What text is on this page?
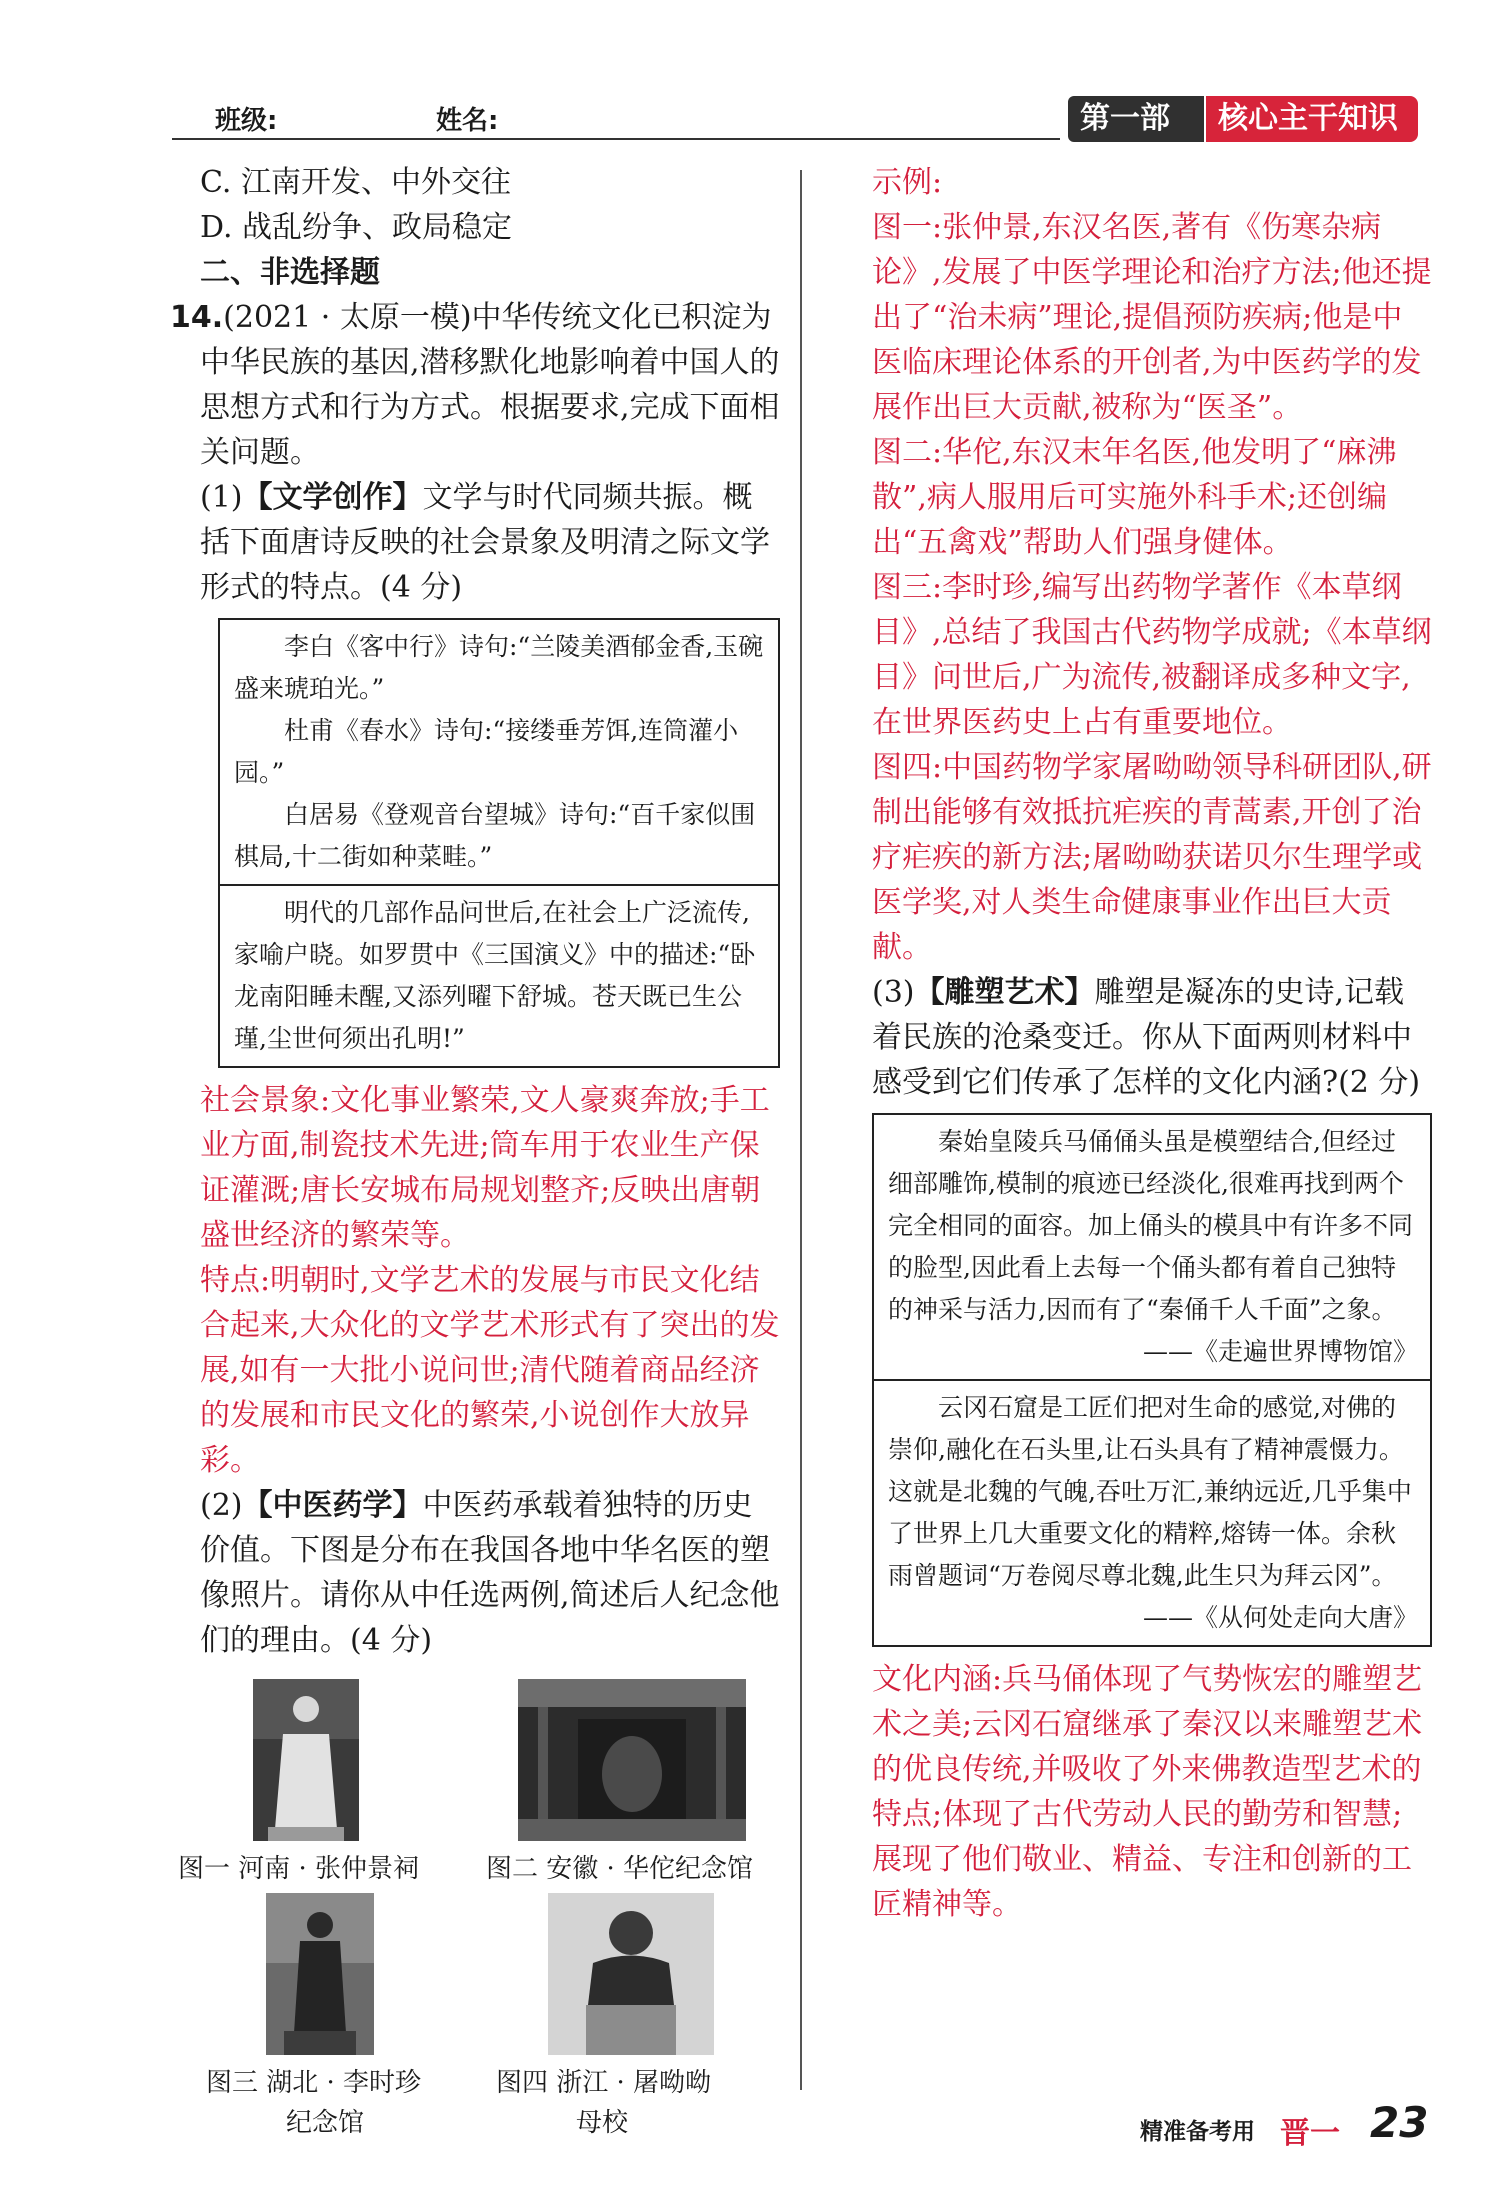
班级:	姓名:	第一部分
核心主干知识

C. 江南开发、中外交往

D. 战乱纷争、政局稳定

二、非选择题

14.(2021 · 太原一模)中华传统文化已积淀为中华民族的基因,潜移默化地影响着中国人的思想方式和行为方式。根据要求,完成下面相关问题。

(1)【文学创作】文学与时代同频共振。概括下面唐诗反映的社会景象及明清之际文学形式的特点。(4 分)

李白《客中行》诗句:“兰陵美酒郁金香,玉碗盛来琥珀光。”

杜甫《春水》诗句:“接缕垂芳饵,连筒灌小园。”

白居易《登观音台望城》诗句:“百千家似围棋局,十二街如种菜畦。”

明代的几部作品问世后,在社会上广泛流传,家喻户晓。如罗贯中《三国演义》中的描述:“卧龙南阳睡未醒,又添列曜下舒城。苍天既已生公瑾,尘世何须出孔明!”

社会景象:文化事业繁荣,文人豪爽奔放;手工业方面,制瓷技术先进;筒车用于农业生产保证灌溉;唐长安城布局规划整齐;反映出唐朝盛世经济的繁荣等。

特点:明朝时,文学艺术的发展与市民文化结合起来,大众化的文学艺术形式有了突出的发展,如有一大批小说问世;清代随着商品经济的发展和市民文化的繁荣,小说创作大放异彩。

(2)【中医药学】中医药承载着独特的历史价值。下图是分布在我国各地中华名医的塑像照片。请你从中任选两例,简述后人纪念他们的理由。(4 分)

图一 河南 · 张仲景祠	图二 安徽 · 华佗纪念馆
图三 湖北 · 李时珍
纪念馆
图四 浙江 · 屠呦呦
母校

示例:

图一:张仲景,东汉名医,著有《伤寒杂病论》,发展了中医学理论和治疗方法;他还提出了“治未病”理论,提倡预防疾病;他是中医临床理论体系的开创者,为中医药学的发展作出巨大贡献,被称为“医圣”。

图二:华佗,东汉末年名医,他发明了“麻沸散”,病人服用后可实施外科手术;还创编出“五禽戏”帮助人们强身健体。

图三:李时珍,编写出药物学著作《本草纲目》,总结了我国古代药物学成就;《本草纲目》问世后,广为流传,被翻译成多种文字,在世界医药史上占有重要地位。

图四:中国药物学家屠呦呦领导科研团队,研制出能够有效抵抗疟疾的青蒿素,开创了治疗疟疾的新方法;屠呦呦获诺贝尔生理学或医学奖,对人类生命健康事业作出巨大贡献。

(3)【雕塑艺术】雕塑是凝冻的史诗,记载着民族的沧桑变迁。你从下面两则材料中感受到它们传承了怎样的文化内涵?(2 分)

秦始皇陵兵马俑俑头虽是模塑结合,但经过细部雕饰,模制的痕迹已经淡化,很难再找到两个完全相同的面容。加上俑头的模具中有许多不同的脸型,因此看上去每一个俑头都有着自己独特的神采与活力,因而有了“秦俑千人千面”之象。

——《走遍世界博物馆》

云冈石窟是工匠们把对生命的感觉,对佛的崇仰,融化在石头里,让石头具有了精神震慑力。这就是北魏的气魄,吞吐万汇,兼纳远近,几乎集中了世界上几大重要文化的精粹,熔铸一体。余秋雨曾题词“万卷阅尽尊北魏,此生只为拜云冈”。

——《从何处走向大唐》

文化内涵:兵马俑体现了气势恢宏的雕塑艺术之美;云冈石窟继承了秦汉以来雕塑艺术的优良传统,并吸收了外来佛教造型艺术的特点;体现了古代劳动人民的勤劳和智慧;展现了他们敬业、精益、专注和创新的工匠精神等。

精准备考用 晋一 23
